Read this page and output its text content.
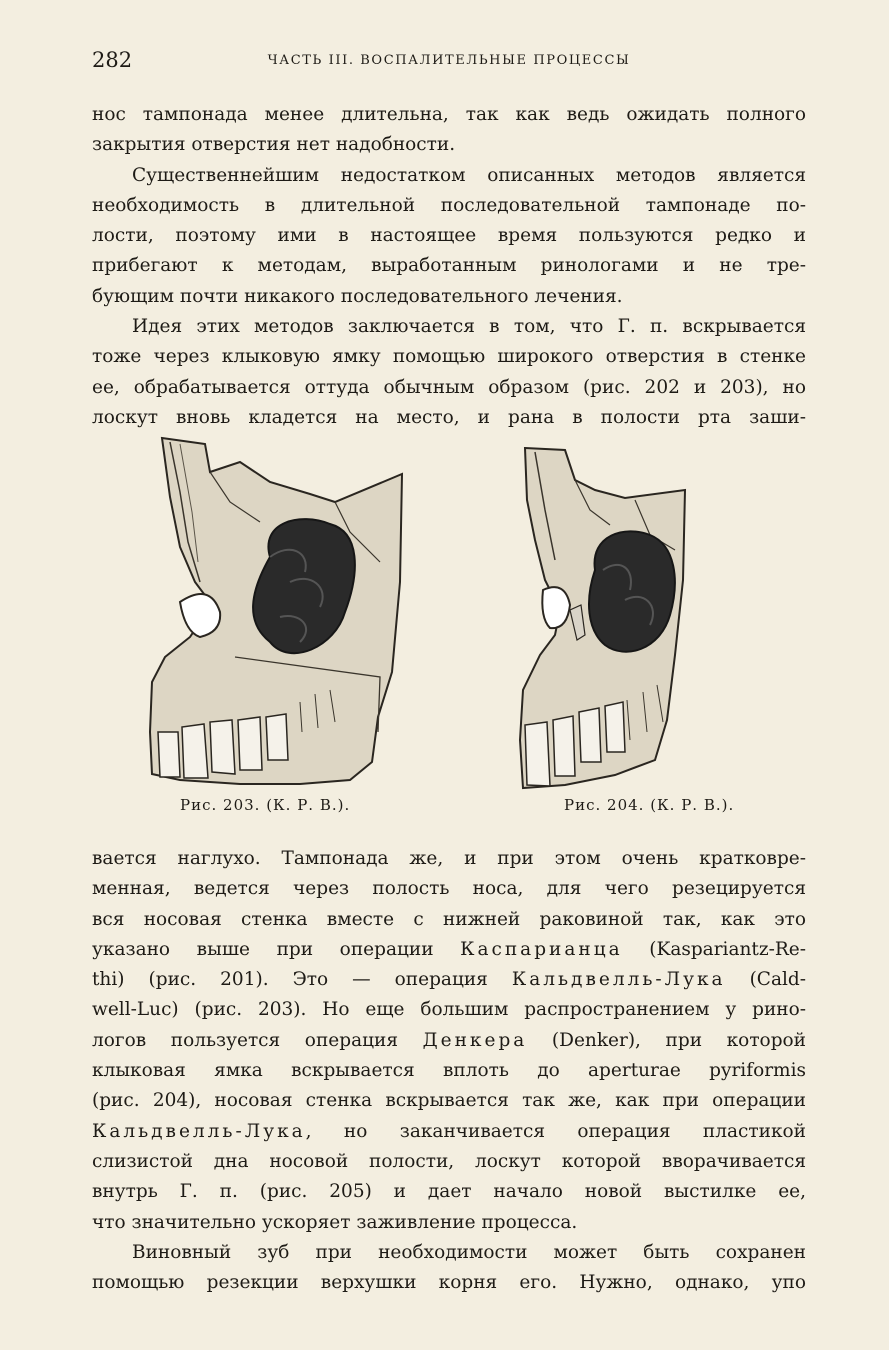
282	ЧАСТЬ III. ВОСПАЛИТЕЛЬНЫЕ ПРОЦЕССЫ
нос тампонада менее длительна, так как ведь ожидать полного
закрытия отверстия нет надобности.
Существеннейшим недостатком описанных методов является
необходимость в длительной последовательной тампонаде по-
лости, поэтому ими в настоящее время пользуются редко и
прибегают к методам, выработанным ринологами и не тре-
бующим почти никакого последовательного лечения.
Идея этих методов заключается в том, что Г. п. вскрывается
тоже через клыковую ямку помощью широкого отверстия в стенке
ее, обрабатывается оттуда обычным образом (рис. 202 и 203), но
лоскут вновь кладется на место, и рана в полости рта заши-
Рис. 203. (К. Р. В.).	Рис. 204. (К. Р. В.).
вается наглухо. Тампонада же, и при этом очень кратковре-
менная, ведется через полость носа, для чего резецируется
вся носовая стенка вместе с нижней раковиной так, как это
указано выше при операции Каспарианца (Kaspariantz-Re-
thi) (рис. 201). Это — операция Кальдвелль-Лука (Cald-
well-Luc) (рис. 203). Но еще большим распространением у рино-
логов пользуется операция Денкера (Denker), при которой
клыковая ямка вскрывается вплоть до aperturae pyriformis
(рис. 204), носовая стенка вскрывается так же, как при операции
Кальдвелль-Лука, но заканчивается операция пластикой
слизистой дна носовой полости, лоскут которой вворачивается
внутрь Г. п. (рис. 205) и дает начало новой выстилке ее,
что значительно ускоряет заживление процесса.
Виновный зуб при необходимости может быть сохранен
помощью резекции верхушки корня его. Нужно, однако, упо
